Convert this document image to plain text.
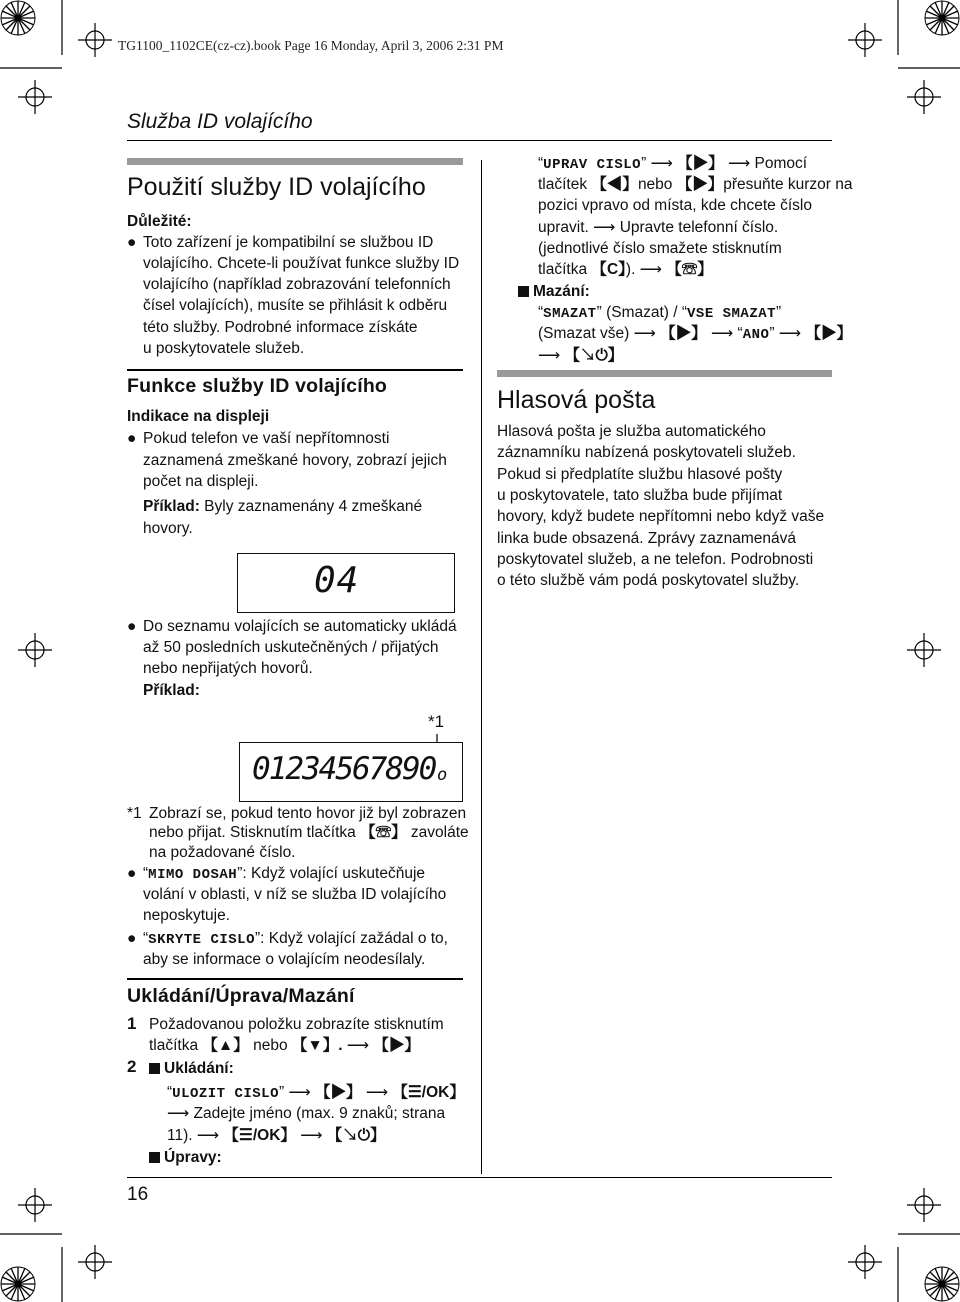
TG1100_1102CE(cz-cz).book Page 16 Monday, April 3, 2006 2:31 PM
Služba ID volajícího
Použití služby ID volajícího
Důležité:
● Toto zařízení je kompatibilní se službou ID
volajícího. Chcete-li používat funkce služby ID
volajícího (například zobrazování telefonních
čísel volajících), musíte se přihlásit k odběru
této služby. Podrobné informace získáte
u poskytovatele služeb.
Funkce služby ID volajícího
Indikace na displeji
● Pokud telefon ve vaší nepřítomnosti
zaznamená zmeškané hovory, zobrazí jejich
počet na displeji.
Příklad: Byly zaznamenány 4 zmeškané
hovory.
04
● Do seznamu volajících se automaticky ukládá
až 50 posledních uskutečněných / přijatých
nebo nepřijatých hovorů.
Příklad:
*1
01234567890 o
*1 Zobrazí se, pokud tento hovor již byl zobrazen
nebo přijat. Stisknutím tlačítka 【☏】 zavoláte
na požadované číslo.
● “MIMO DOSAH”: Když volající uskutečňuje
volání v oblasti, v níž se služba ID volajícího
neposkytuje.
● “SKRYTE CISLO”: Když volající zažádal o to,
aby se informace o volajícím neodesílaly.
Ukládání/Úprava/Mazání
1 Požadovanou položku zobrazíte stisknutím
tlačítka 【▲】 nebo 【▼】. ⟶ 【▶】
2	Ukládání:
“ULOZIT CISLO” ⟶ 【▶】 ⟶ 【☰/OK】
⟶ Zadejte jméno (max. 9 znaků; strana
11). ⟶ 【☰/OK】 ⟶ 【↘⏻】
Úpravy:
16
“UPRAV CISLO” ⟶ 【▶】 ⟶ Pomocí
tlačítek 【◀】nebo 【▶】přesuňte kurzor na
pozici vpravo od místa, kde chcete číslo
upravit. ⟶ Upravte telefonní číslo.
(jednotlivé číslo smažete stisknutím
tlačítka 【C】). ⟶ 【☏】
Mazání:
“SMAZAT” (Smazat) / “VSE SMAZAT”
(Smazat vše) ⟶ 【▶】 ⟶ “ANO” ⟶ 【▶】
⟶ 【↘⏻】
Hlasová pošta
Hlasová pošta je služba automatického
záznamníku nabízená poskytovateli služeb.
Pokud si předplatíte službu hlasové pošty
u poskytovatele, tato služba bude přijímat
hovory, když budete nepřítomni nebo když vaše
linka bude obsazená. Zprávy zaznamenává
poskytovatel služeb, a ne telefon. Podrobnosti
o této službě vám podá poskytovatel služby.
